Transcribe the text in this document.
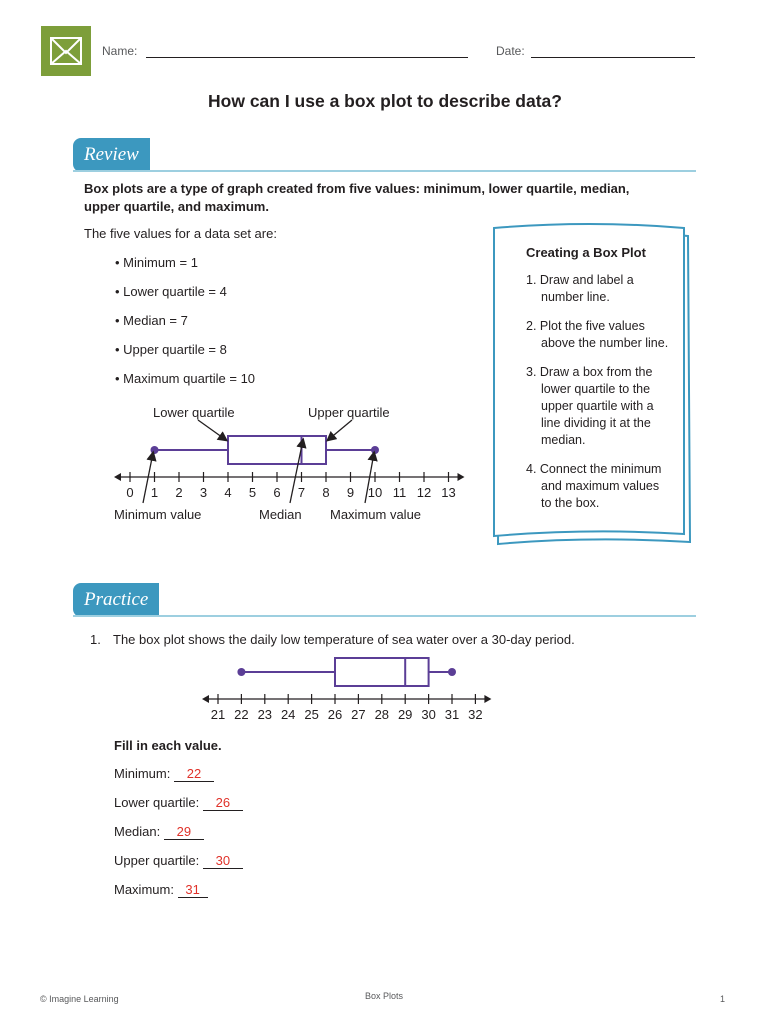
Name:	Date:
How can I use a box plot to describe data?
Review
Box plots are a type of graph created from five values: minimum, lower quartile, median,
upper quartile, and maximum.
The five values for a data set are:
• Minimum = 1
• Lower quartile = 4
• Median = 7
• Upper quartile = 8
• Maximum quartile = 10
0 1 2 3 4 5 6 7 8 9 10 11 12 13
Lower quartile	Upper quartile
Minimum value	Median Maximum value
Creating a Box Plot
1. Draw and label a
number line.
2. Plot the five values
above the number line.
3. Draw a box from the
lower quartile to the
upper quartile with a
line dividing it at the
median.
4. Connect the minimum
and maximum values
to the box.
Practice
1. The box plot shows the daily low temperature of sea water over a 30-day period.
21 22 23 24 25 26 27 28 29 30 31 32
Fill in each value.
Minimum: 22
Lower quartile: 26
Median: 29
Upper quartile: 30
Maximum: 31
© Imagine Learning	Box Plots	1
